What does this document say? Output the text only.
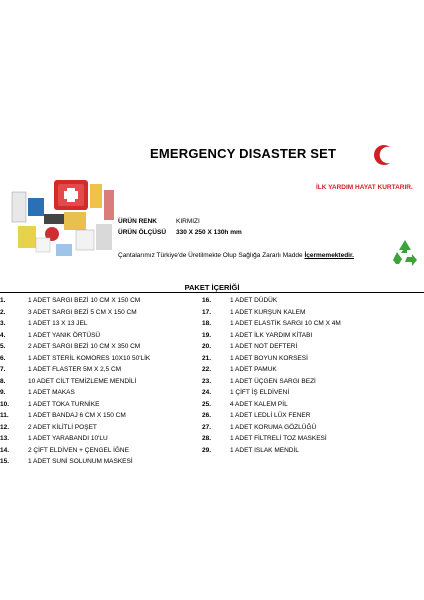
EMERGENCY DISASTER SET
İLK YARDIM HAYAT KURTARIR.
ÜRÜN RENK	KIRMIZI
ÜRÜN ÖLÇÜSÜ 330 X 250 X 130h mm
Çantalarımız Türkiye'de Üretilmekte Olup Sağlığa Zararlı Madde İçermemektedir.
PAKET İÇERİĞİ
1.	1 ADET SARGI BEZİ 10 CM X 150 CM
2.	3 ADET SARGI BEZİ 5 CM X 150 CM
3.	1 ADET 13 X 13 JEL
4.	1 ADET YANIK ÖRTÜSÜ
5.	2 ADET SARGI BEZİ 10 CM X 350 CM
6.	1 ADET STERİL KOMORES 10X10 50'LİK
7.	1 ADET FLASTER 5M X 2,5 CM
8.	10 ADET CİLT TEMİZLEME MENDİLİ
9.	1 ADET MAKAS
10.	1 ADET TOKA TURNİKE
11.	1 ADET BANDAJ 6 CM X 150 CM
12.	2 ADET KİLİTLİ POŞET
13.	1 ADET YARABANDI 10'LU
14.	2 ÇİFT ELDİVEN + ÇENGEL İĞNE
15.	1 ADET SUNİ SOLUNUM MASKESİ
16.	1 ADET DÜDÜK
17.	1 ADET KURŞUN KALEM
18.	1 ADET ELASTİK SARGI 10 CM X 4M
19.	1 ADET İLK YARDIM KİTABI
20.	1 ADET NOT DEFTERİ
21.	1 ADET BOYUN KORSESİ
22.	1 ADET PAMUK
23.	1 ADET ÜÇGEN SARGI BEZİ
24.	1 ÇİFT İŞ ELDİVENİ
25.	4 ADET KALEM PİL
26.	1 ADET LEDLİ LÜX FENER
27.	1 ADET KORUMA GÖZLÜĞÜ
28.	1 ADET FİLTRELİ TOZ MASKESİ
29.	1 ADET ISLAK MENDİL
